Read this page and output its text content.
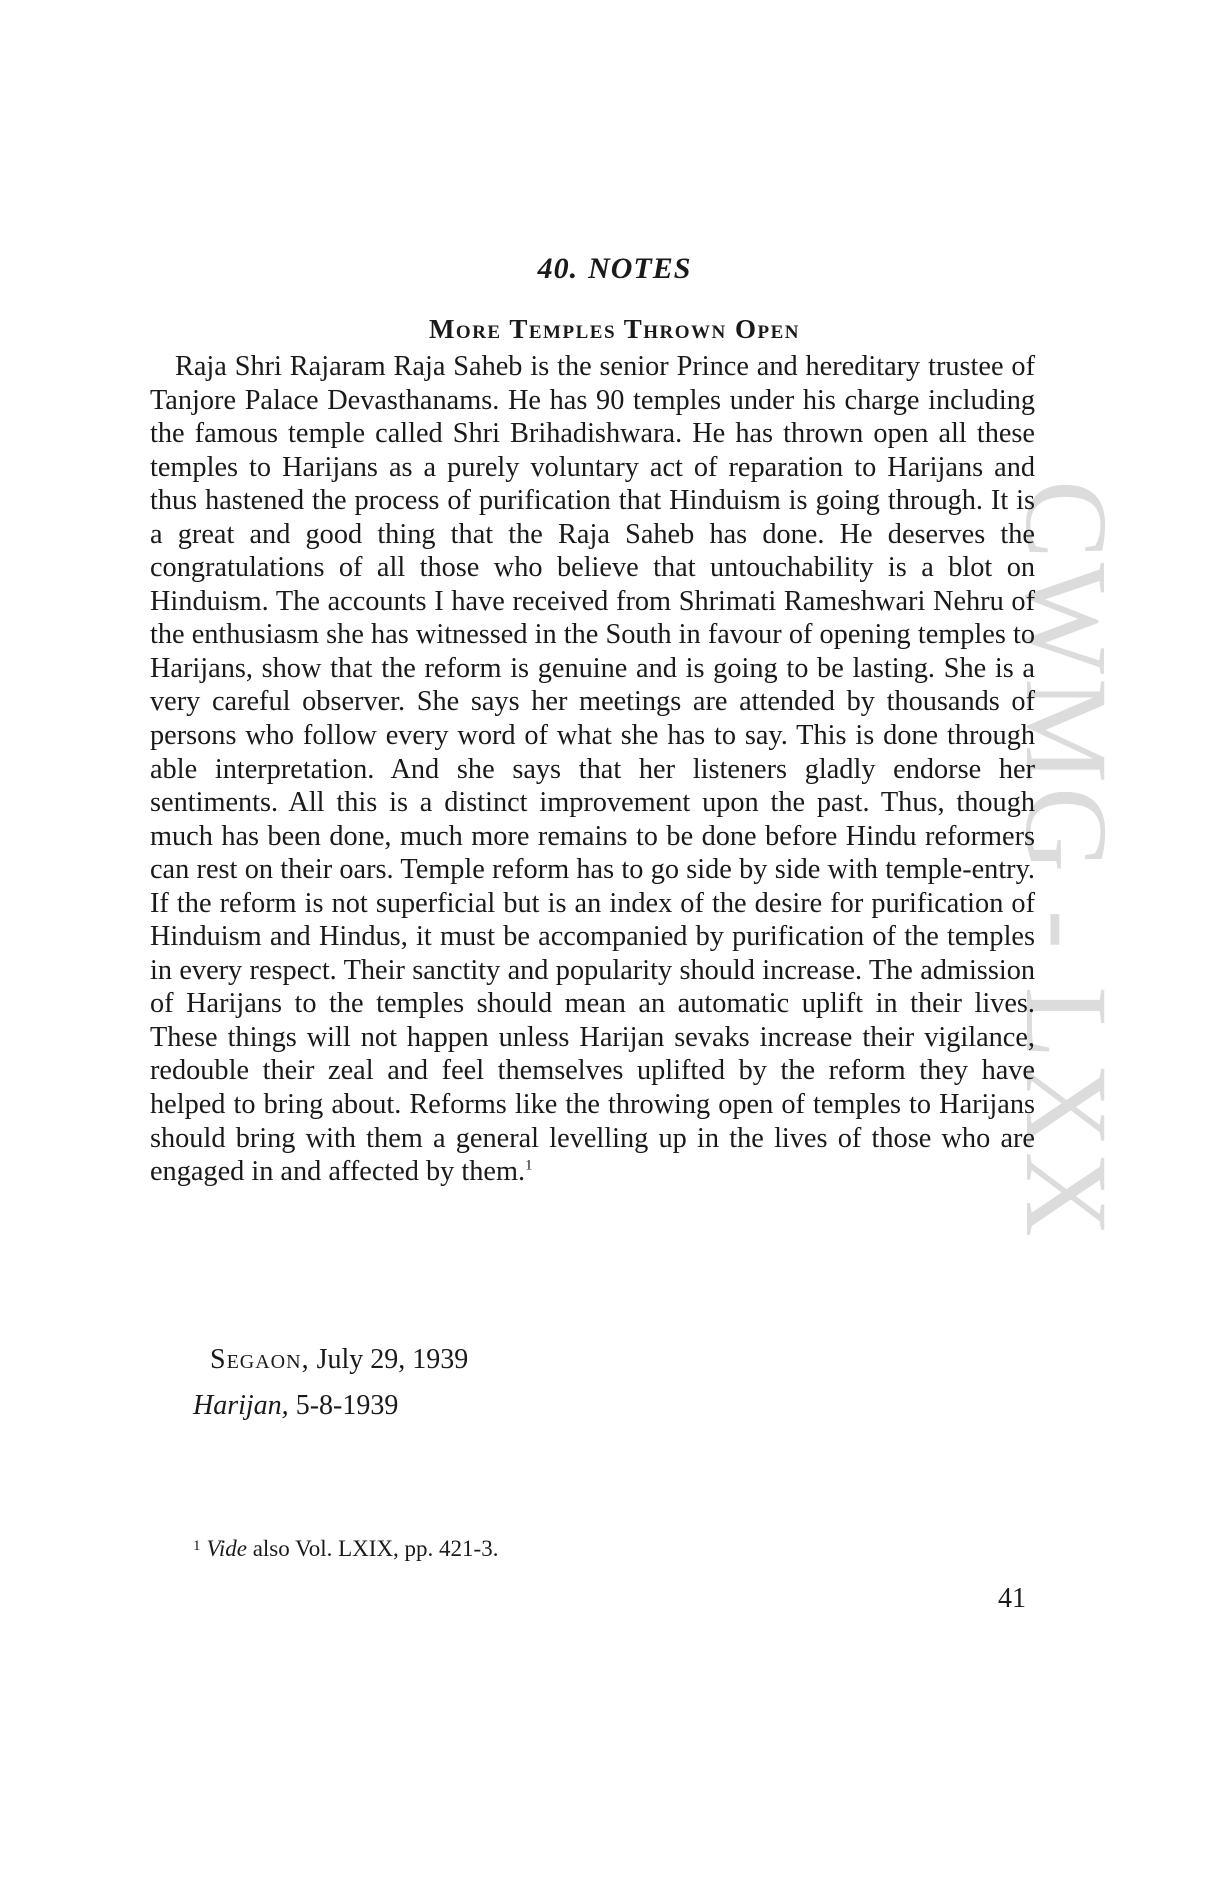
CWMG - LXX
40. NOTES
More Temples Thrown Open

Raja Shri Rajaram Raja Saheb is the senior Prince and hereditary trustee of Tanjore Palace Devasthanams. He has 90 temples under his charge including the famous temple called Shri Brihadishwara. He has thrown open all these temples to Harijans as a purely voluntary act of reparation to Harijans and thus hastened the process of purification that Hinduism is going through. It is a great and good thing that the Raja Saheb has done. He deserves the congratulations of all those who believe that untouchability is a blot on Hinduism. The accounts I have received from Shrimati Rameshwari Nehru of the enthusiasm she has witnessed in the South in favour of opening temples to Harijans, show that the reform is genuine and is going to be lasting. She is a very careful observer. She says her meetings are attended by thousands of persons who follow every word of what she has to say. This is done through able interpretation. And she says that her listeners gladly endorse her sentiments. All this is a distinct improvement upon the past. Thus, though much has been done, much more remains to be done before Hindu reformers can rest on their oars. Temple reform has to go side by side with temple-entry. If the reform is not superficial but is an index of the desire for purification of Hinduism and Hindus, it must be accompanied by purification of the temples in every respect. Their sanctity and popularity should increase. The admission of Harijans to the temples should mean an automatic uplift in their lives. These things will not happen unless Harijan sevaks increase their vigilance, redouble their zeal and feel themselves uplifted by the reform they have helped to bring about. Reforms like the throwing open of temples to Harijans should bring with them a general levelling up in the lives of those who are engaged in and affected by them.$^1$

Segaon, July 29, 1939

Harijan, 5-8-1939

$^1$ Vide also Vol. LXIX, pp. 421-3.

41
